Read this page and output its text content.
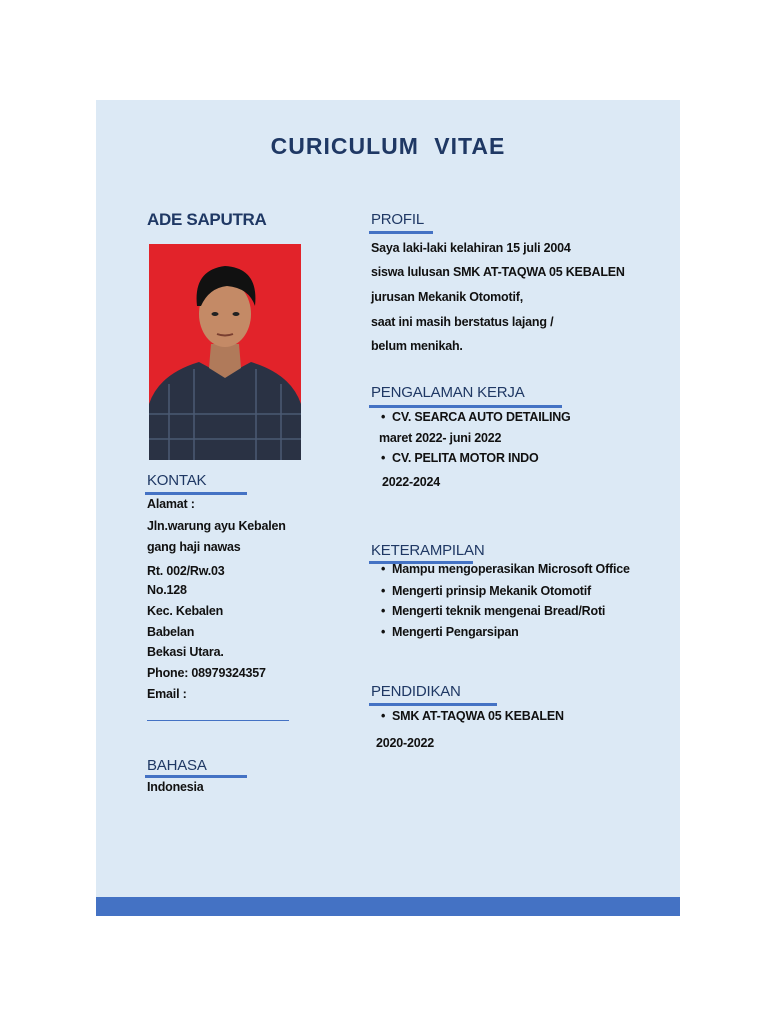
CURICULUM VITAE
ADE SAPUTRA
KONTAK
Alamat :
Jln.warung ayu Kebalen
gang haji nawas
Rt. 002/Rw.03
No.128
Kec. Kebalen
Babelan
Bekasi Utara.
Phone: 08979324357
Email :
BAHASA
Indonesia
PROFIL
Saya laki-laki kelahiran 15 juli 2004
siswa lulusan SMK AT-TAQWA 05 KEBALEN
jurusan Mekanik Otomotif,
saat ini masih berstatus lajang /
belum menikah.
PENGALAMAN KERJA
• CV. SEARCA AUTO DETAILING
maret 2022- juni 2022
• CV. PELITA MOTOR INDO
2022-2024
KETERAMPILAN
• Mampu mengoperasikan Microsoft Office
• Mengerti prinsip Mekanik Otomotif
• Mengerti teknik mengenai Bread/Roti
• Mengerti Pengarsipan
PENDIDIKAN
• SMK AT-TAQWA 05 KEBALEN
2020-2022
